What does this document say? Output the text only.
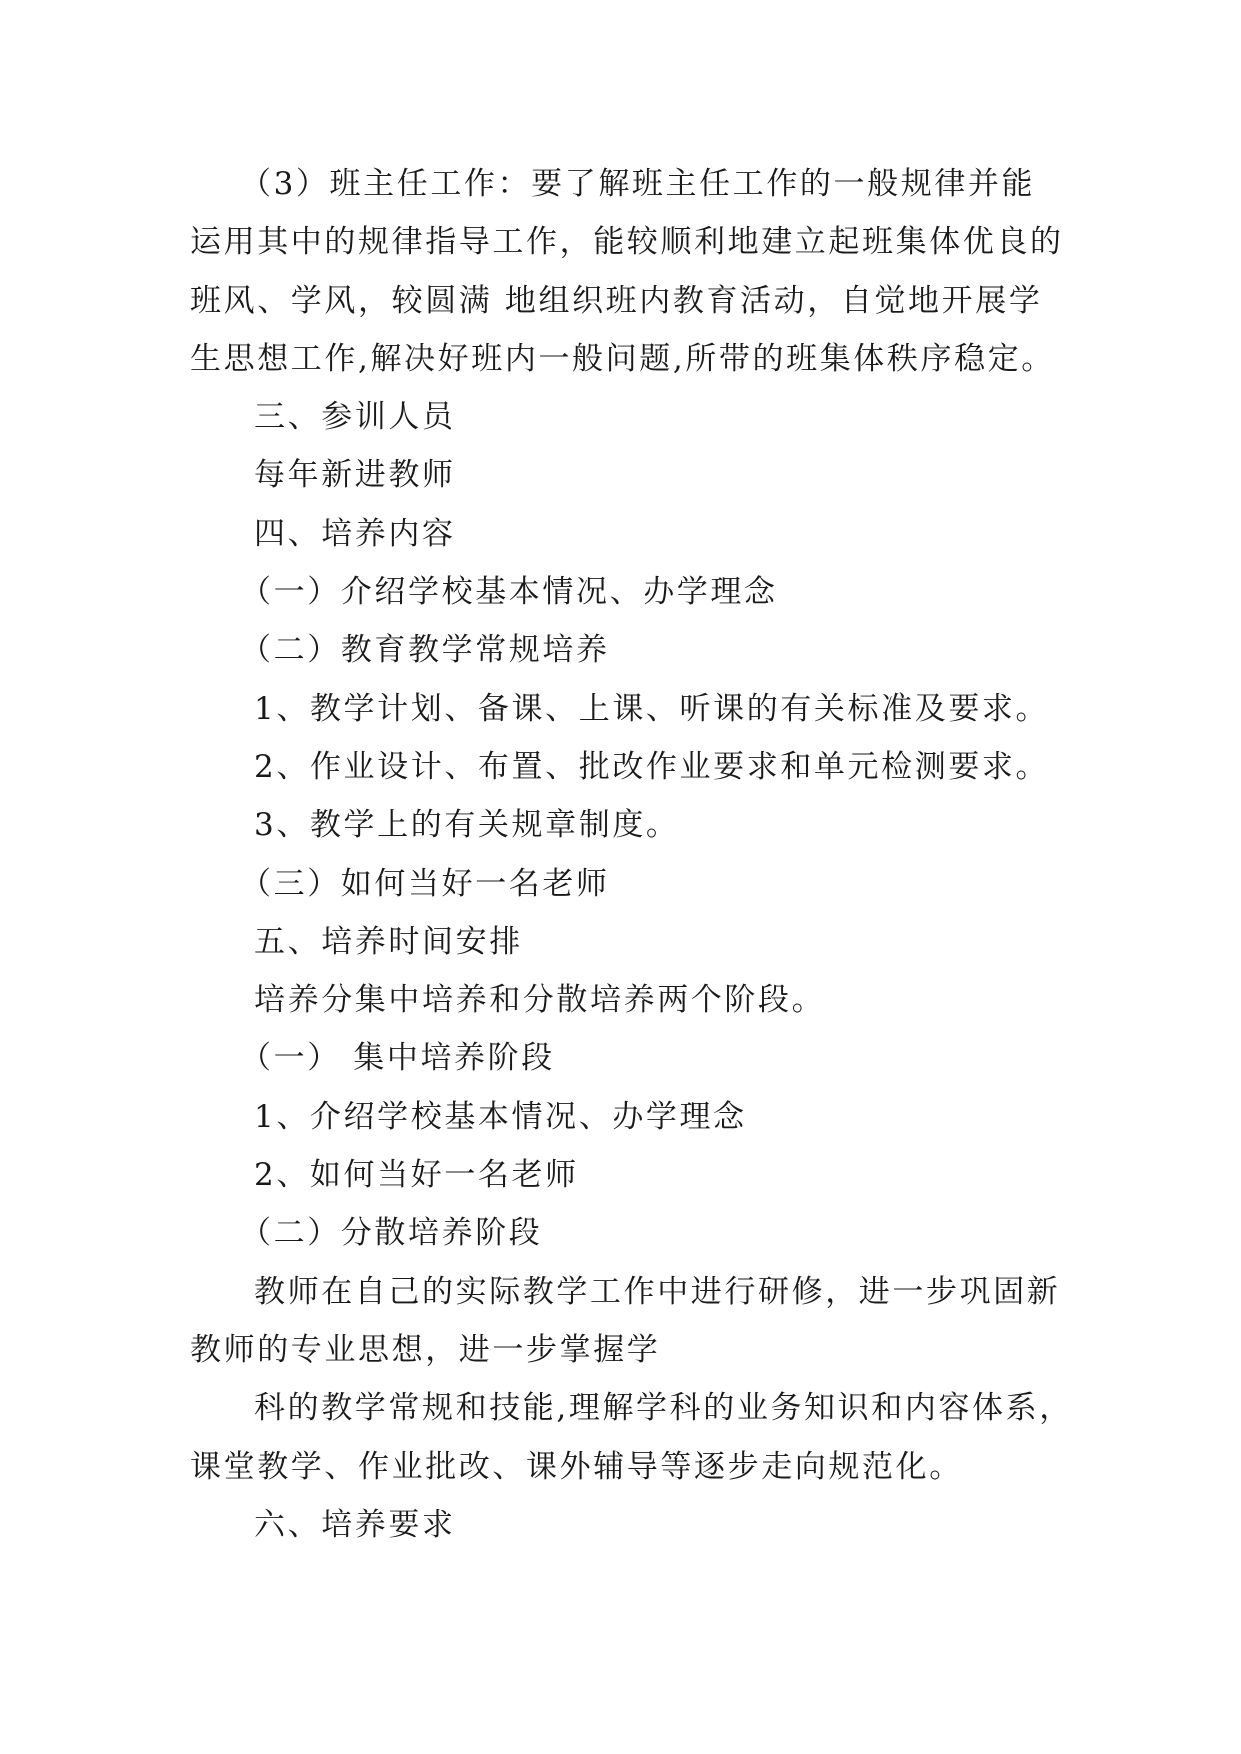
（3）班主任工作：要了解班主任工作的一般规律并能

运用其中的规律指导工作，能较顺利地建立起班集体优良的

班风、学风，较圆满 地组织班内教育活动，自觉地开展学

生思想工作,解决好班内一般问题,所带的班集体秩序稳定。

三、参训人员

每年新进教师

四、培养内容

（一）介绍学校基本情况、办学理念

（二）教育教学常规培养

1、教学计划、备课、上课、听课的有关标准及要求。

2、作业设计、布置、批改作业要求和单元检测要求。

3、教学上的有关规章制度。

（三）如何当好一名老师

五、培养时间安排

培养分集中培养和分散培养两个阶段。

（一） 集中培养阶段

1、介绍学校基本情况、办学理念

2、如何当好一名老师

（二）分散培养阶段

教师在自己的实际教学工作中进行研修，进一步巩固新

教师的专业思想，进一步掌握学

科的教学常规和技能,理解学科的业务知识和内容体系，

课堂教学、作业批改、课外辅导等逐步走向规范化。

六、培养要求
